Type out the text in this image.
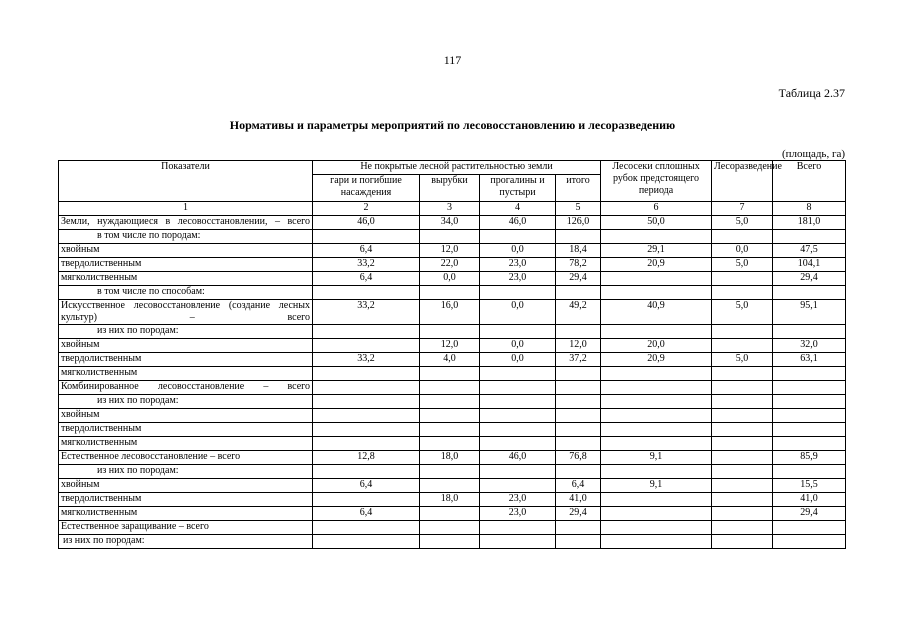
117
Таблица 2.37
Нормативы и параметры мероприятий по лесовосстановлению и лесоразведению
(площадь, га)
Показатели	Не покрытые лесной растительностью земли				Лесосеки сплошных рубок предстоящего периода	Лесоразведение	Всего
	гари и погибшие насаждения	вырубки	прогалины и пустыри	итого			
1	2	3	4	5	6	7	8
Земли, нуждающиеся в лесовосстановлении, – всего	46,0	34,0	46,0	126,0	50,0	5,0	181,0
в том числе по породам:							
хвойным	6,4	12,0	0,0	18,4	29,1	0,0	47,5
твердолиственным	33,2	22,0	23,0	78,2	20,9	5,0	104,1
мягколиственным	6,4	0,0	23,0	29,4			29,4
в том числе по способам:							
Искусственное лесовосстановление (создание лесных культур) – всего	33,2	16,0	0,0	49,2	40,9	5,0	95,1
из них по породам:							
хвойным		12,0	0,0	12,0	20,0		32,0
твердолиственным	33,2	4,0	0,0	37,2	20,9	5,0	63,1
мягколиственным							
Комбинированное лесовосстановление – всего							
из них по породам:							
хвойным							
твердолиственным							
мягколиственным							
Естественное лесовосстановление – всего	12,8	18,0	46,0	76,8	9,1		85,9
из них по породам:							
хвойным	6,4			6,4	9,1		15,5
твердолиственным		18,0	23,0	41,0			41,0
мягколиственным	6,4		23,0	29,4			29,4
Естественное заращивание – всего							
из них по породам:							
